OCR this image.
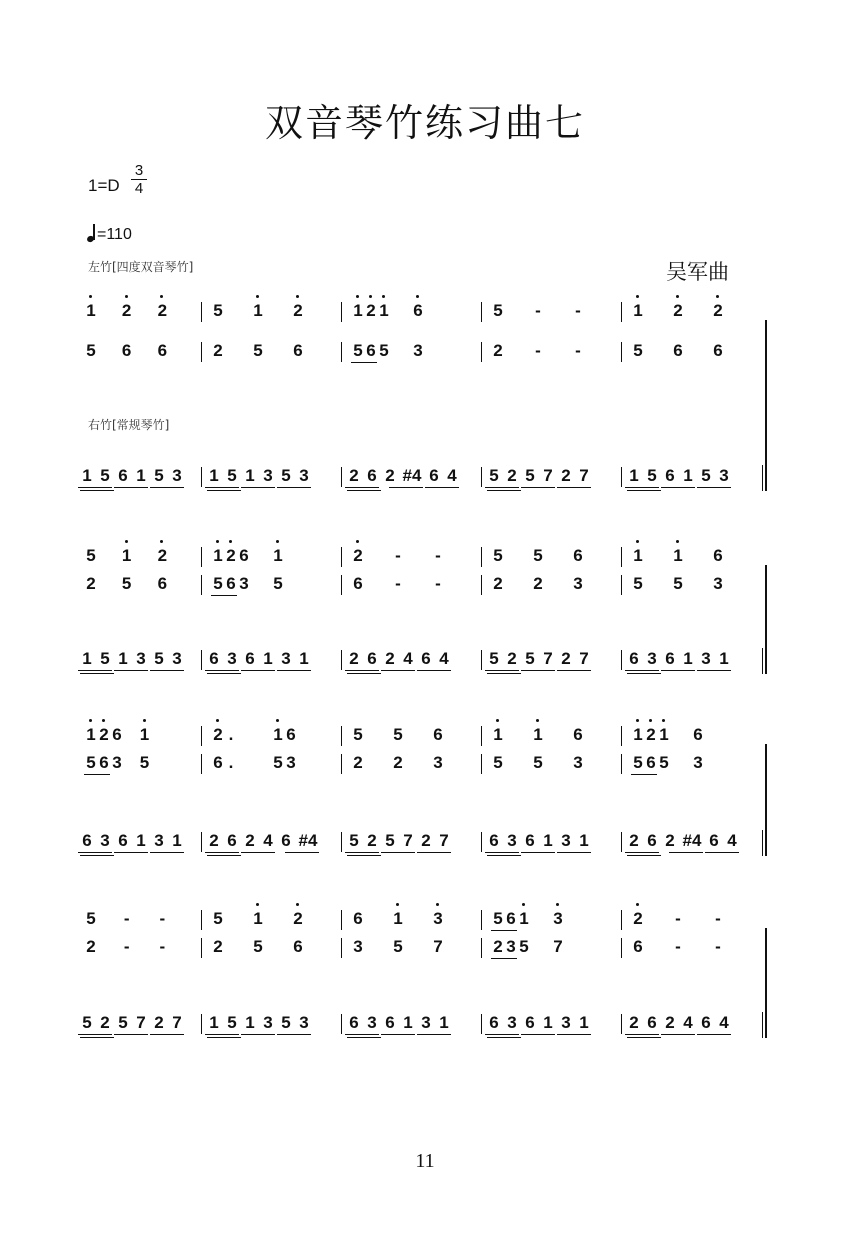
双音琴竹练习曲七
1=D
3
4
=110
左竹[四度双音琴竹]	吴军曲
右竹[常规琴竹]
1 2 2	5 1 2	1 2 1 6	5 - -	1 2 2
5 6 6	2 5 6	5 6 5 3	2 - -	5 6 6
1 5 6 1 5 3 1 5 1 3 5 3 2 6 2 #4 6 4 5 2 5 7 2 7 1 5 6 1 5 3
5 1 2	1 2 6 1	2 - -	5 5 6	1 1 6
2 5 6	5 6 3 5	6 - -	2 2 3	5 5 3
1 5 1 3 5 3 6 3 6 1 3 1 2 6 2 4 6 4 5 2 5 7 2 7 6 3 6 1 3 1
1 2 6 1	2 . 1 6	5 5 6	1 1 6	1 2 1 6
5 6 3 5	6 . 5 3	2 2 3	5 5 3	5 6 5 3
6 3 6 1 3 1 2 6 2 4 6 #4 5 2 5 7 2 7 6 3 6 1 3 1 2 6 2 #4 6 4
5 - -	5 1 2	6 1 3	5 6 1 3	2 - -
2 - -	2 5 6	3 5 7	2 3 5 7	6 - -
5 2 5 7 2 7 1 5 1 3 5 3 6 3 6 1 3 1 6 3 6 1 3 1 2 6 2 4 6 4
11
